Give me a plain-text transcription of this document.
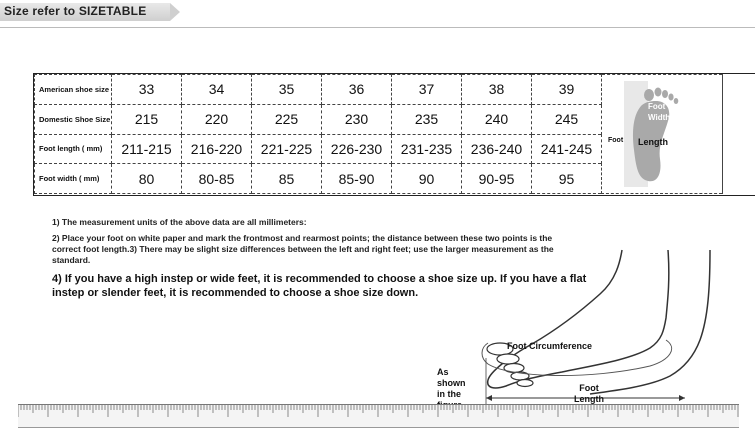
Size refer to SIZETABLE
American shoe size	33	34	35	36	37	38	39	Foot
Width
Foot Length

Domestic Shoe Size	215	220	225	230	235	240	245	
Foot length ( mm)	211-215	216-220	221-225	226-230	231-235	236-240	241-245	
Foot width ( mm)	80	80-85	85	85-90	90	90-95	95	

1) The measurement units of the above data are all millimeters:

2) Place your foot on white paper and mark the frontmost and rearmost points; the distance between these two points is the correct foot length.3) There may be slight size differences between the left and right feet; use the larger measurement as the standard.

4) If you have a high instep or wide feet, it is recommended to choose a shoe size up. If you have a flat instep or slender feet, it is recommended to choose a shoe size down.
Foot Circumference
Foot Length
As shown in the
